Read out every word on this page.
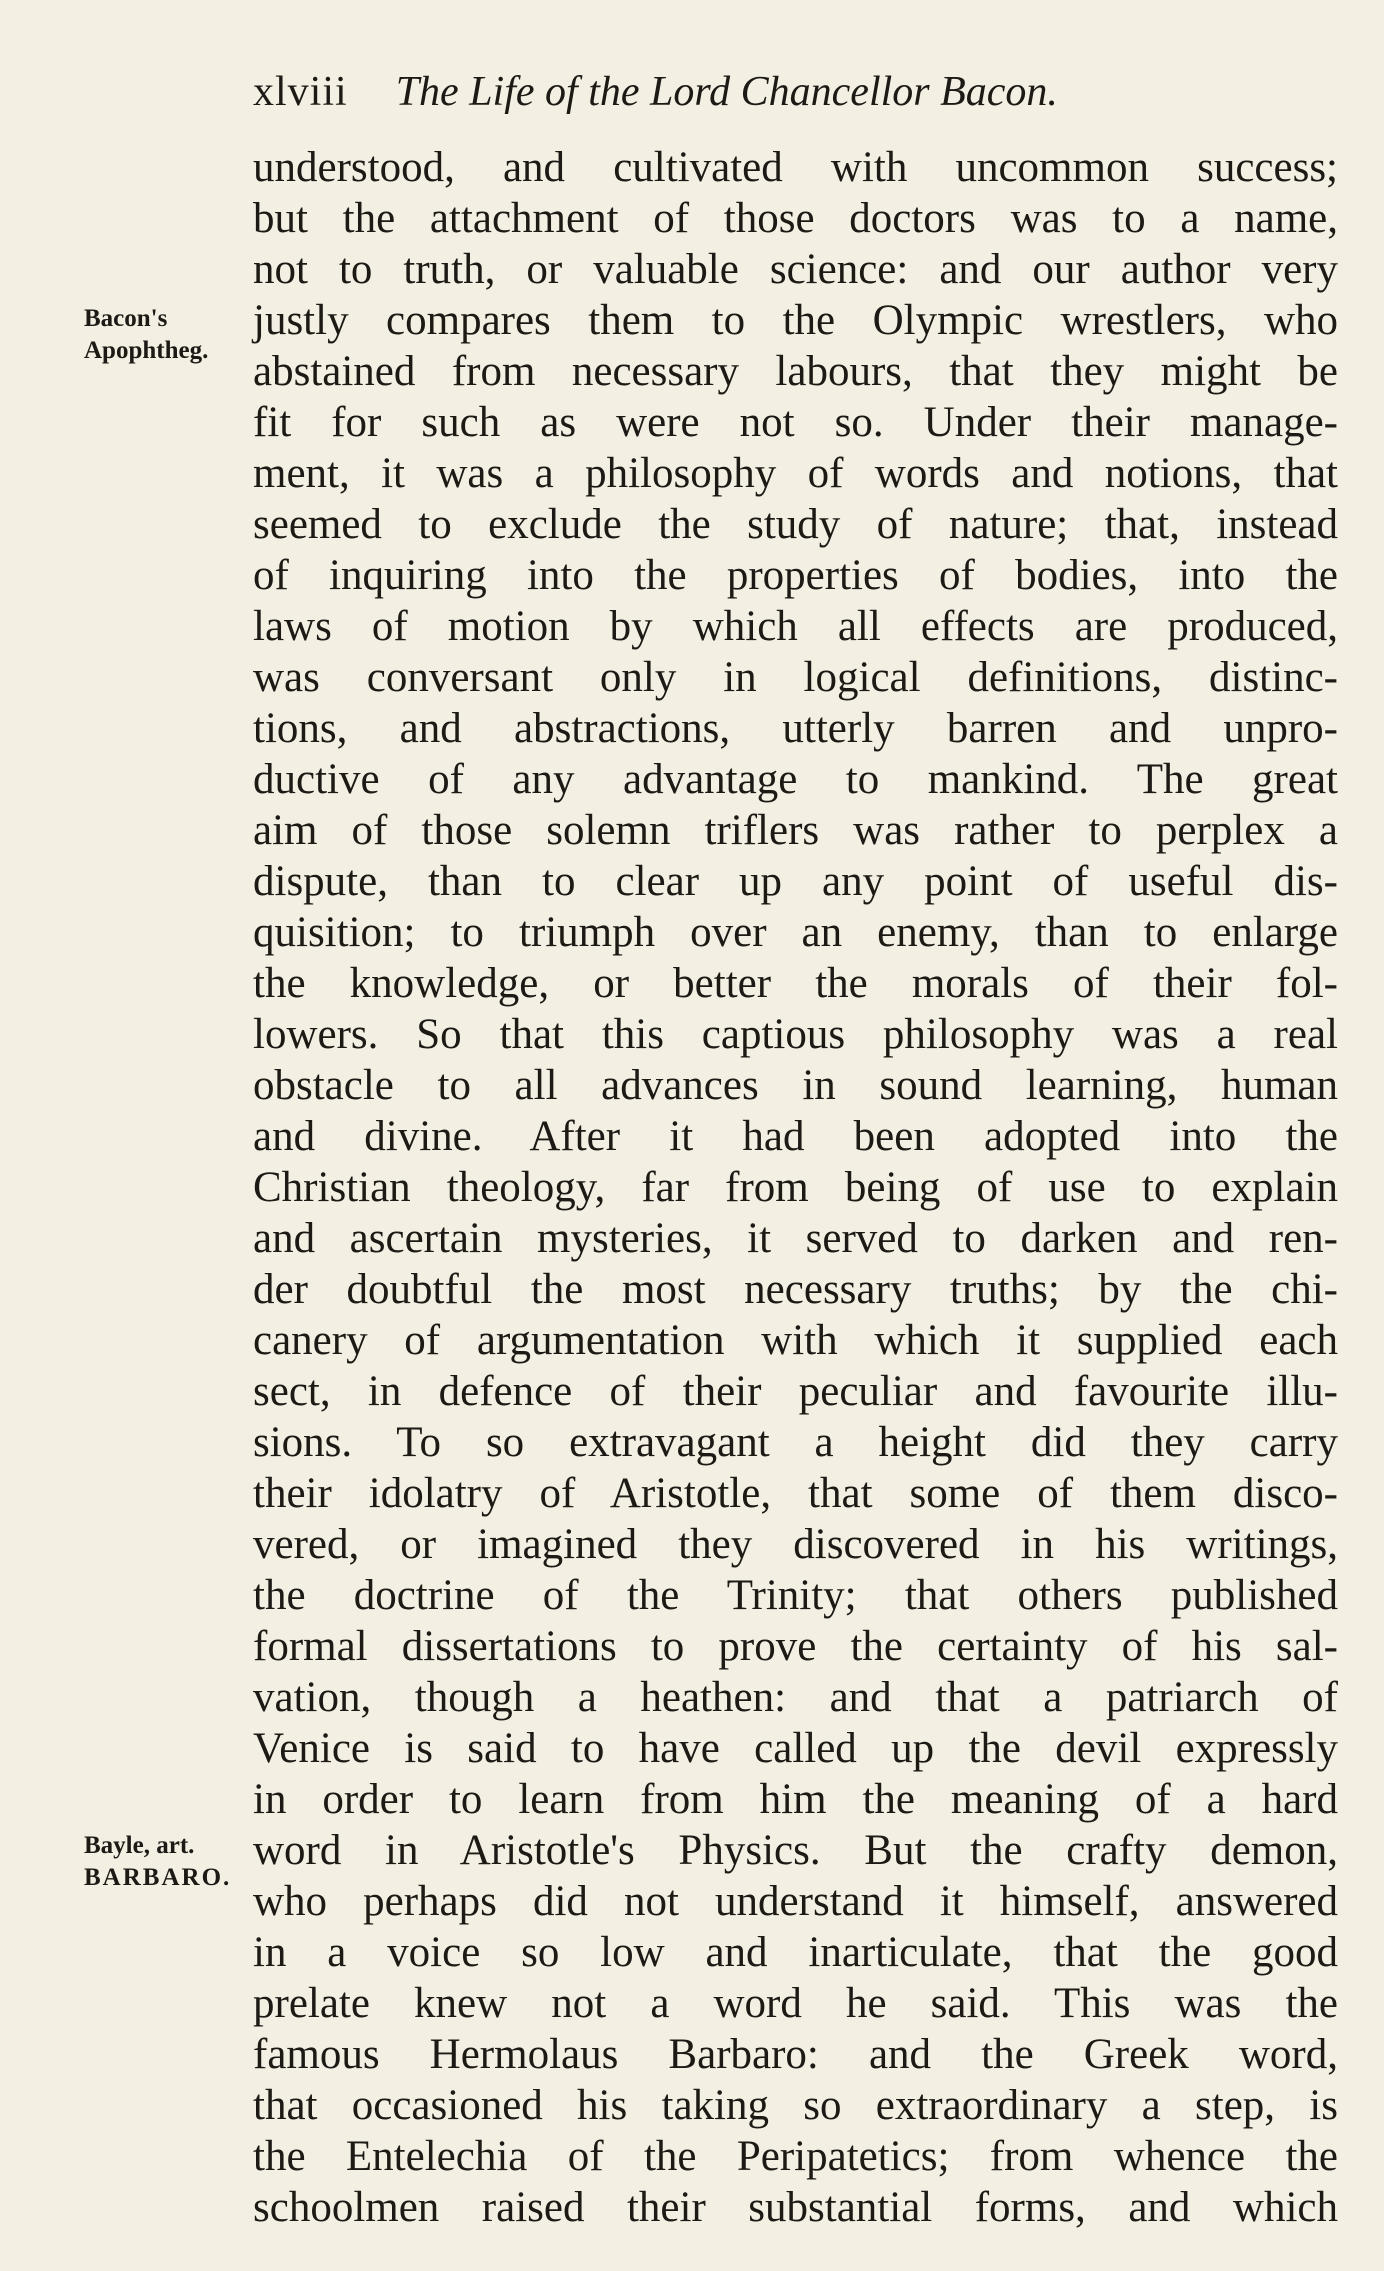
xlviii The Life of the Lord Chancellor Bacon.
Bacon's
Apophtheg.
Bayle, art.
BARBARO.
understood, and cultivated with uncommon success;
but the attachment of those doctors was to a name,
not to truth, or valuable science: and our author very
justly compares them to the Olympic wrestlers, who
abstained from necessary labours, that they might be
fit for such as were not so. Under their manage-
ment, it was a philosophy of words and notions, that
seemed to exclude the study of nature; that, instead
of inquiring into the properties of bodies, into the
laws of motion by which all effects are produced,
was conversant only in logical definitions, distinc-
tions, and abstractions, utterly barren and unpro-
ductive of any advantage to mankind. The great
aim of those solemn triflers was rather to perplex a
dispute, than to clear up any point of useful dis-
quisition; to triumph over an enemy, than to enlarge
the knowledge, or better the morals of their fol-
lowers. So that this captious philosophy was a real
obstacle to all advances in sound learning, human
and divine. After it had been adopted into the
Christian theology, far from being of use to explain
and ascertain mysteries, it served to darken and ren-
der doubtful the most necessary truths; by the chi-
canery of argumentation with which it supplied each
sect, in defence of their peculiar and favourite illu-
sions. To so extravagant a height did they carry
their idolatry of Aristotle, that some of them disco-
vered, or imagined they discovered in his writings,
the doctrine of the Trinity; that others published
formal dissertations to prove the certainty of his sal-
vation, though a heathen: and that a patriarch of
Venice is said to have called up the devil expressly
in order to learn from him the meaning of a hard
word in Aristotle's Physics. But the crafty demon,
who perhaps did not understand it himself, answered
in a voice so low and inarticulate, that the good
prelate knew not a word he said. This was the
famous Hermolaus Barbaro: and the Greek word,
that occasioned his taking so extraordinary a step, is
the Entelechia of the Peripatetics; from whence the
schoolmen raised their substantial forms, and which
